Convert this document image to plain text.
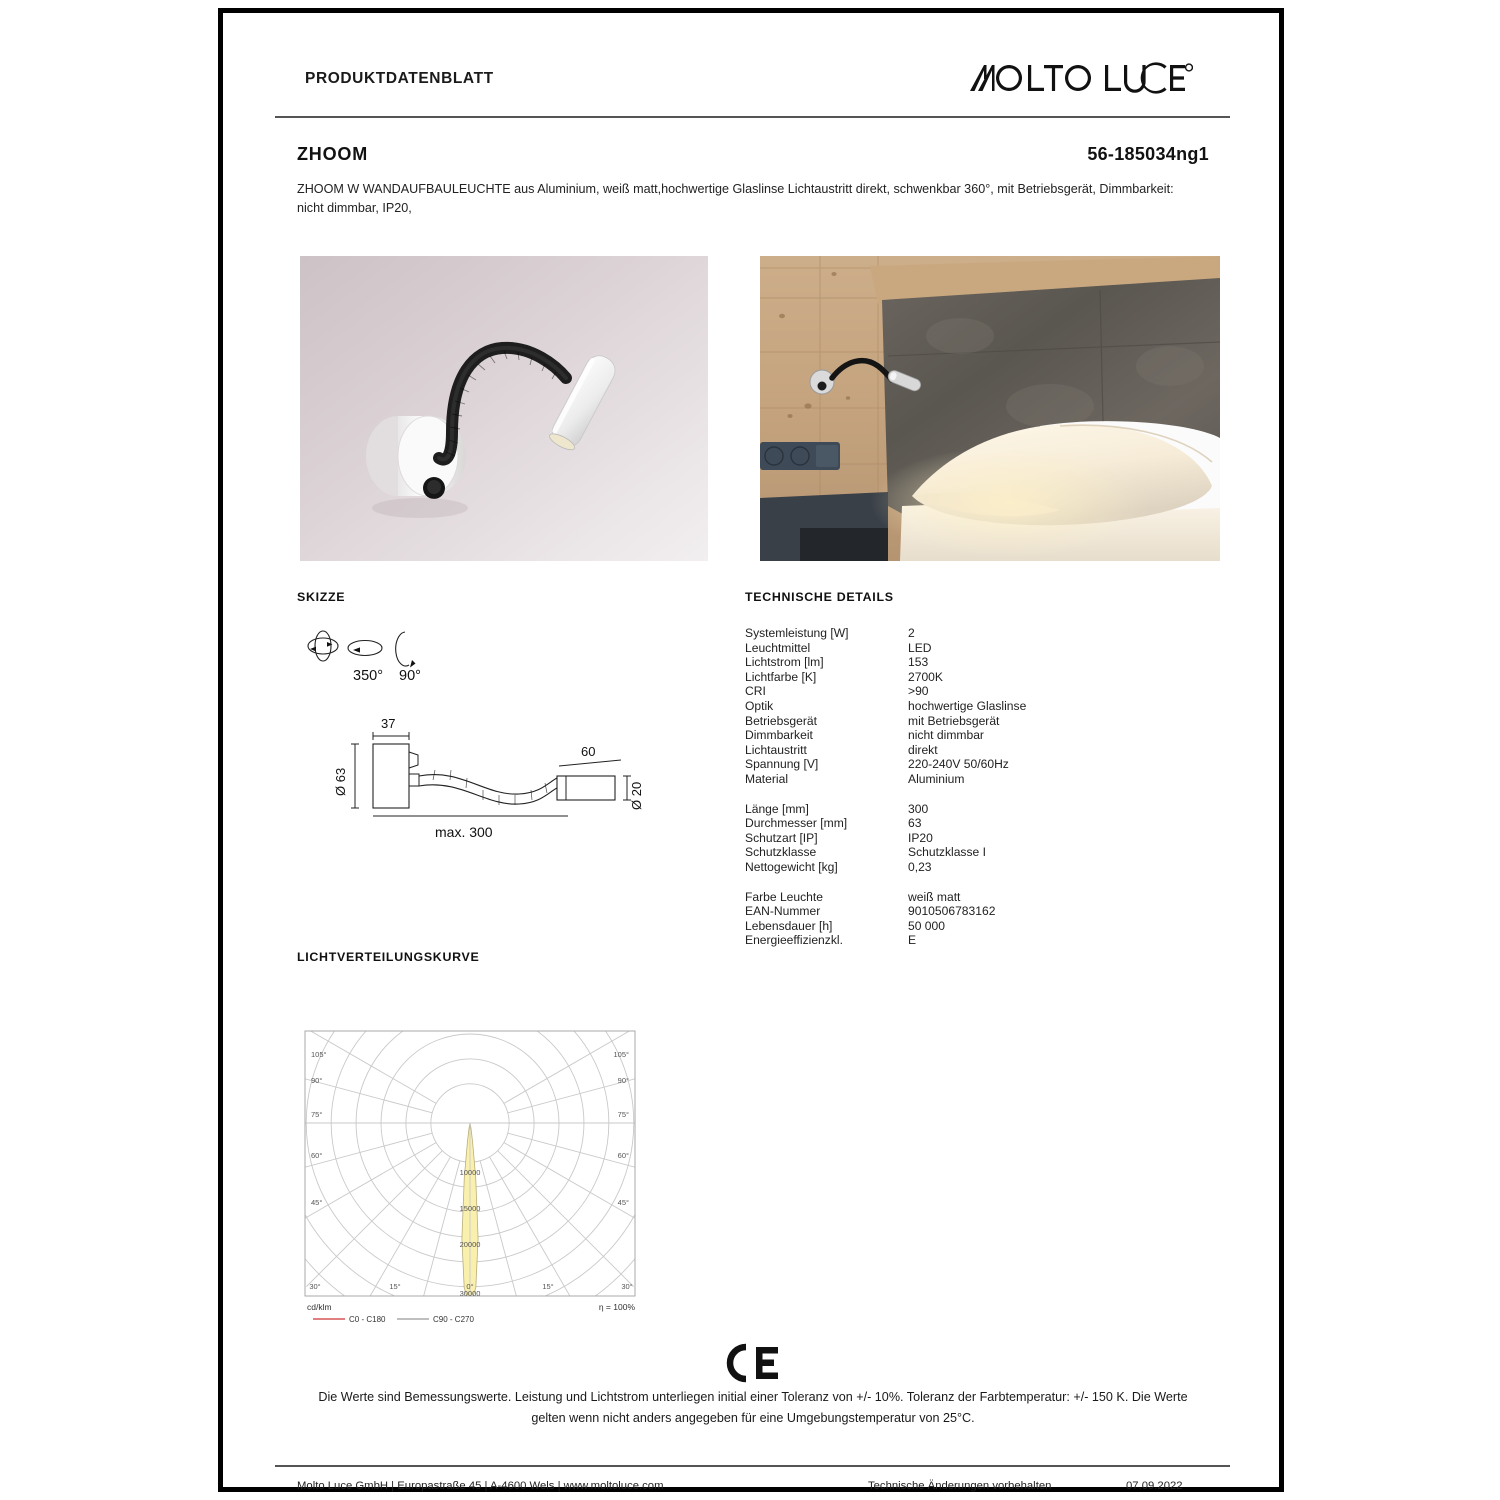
PRODUKTDATENBLATT
ZHOOM	56-185034ng1
ZHOOM W WANDAUFBAULEUCHTE aus Aluminium, weiß matt,hochwertige Glaslinse Lichtaustritt direkt, schwenkbar 360°, mit Betriebsgerät, Dimmbarkeit: nicht dimmbar, IP20,
SKIZZE	TECHNISCHE DETAILS
LICHTVERTEILUNGSKURVE
350° 90°
37
Ø 63
60
Ø 20
max. 300
Systemleistung [W]	2
Leuchtmittel	LED
Lichtstrom [lm]	153
Lichtfarbe [K]	2700K
CRI	>90
Optik	hochwertige Glaslinse
Betriebsgerät	mit Betriebsgerät
Dimmbarkeit	nicht dimmbar
Lichtaustritt	direkt
Spannung [V]	220-240V 50/60Hz
Material	Aluminium
Länge [mm]	300
Durchmesser [mm]	63
Schutzart [IP]	IP20
Schutzklasse	Schutzklasse I
Nettogewicht [kg]	0,23
Farbe Leuchte	weiß matt
EAN-Nummer	9010506783162
Lebensdauer [h]	50 000
Energieeffizienzkl.	E
105°
90°
75°
60°
45°
105°
90°
75°
60°
45°
30°	15°	0°	15°	30°
10000
15000
20000
30000
cd/klm	η = 100%
C0 - C180	C90 - C270
Die Werte sind Bemessungswerte. Leistung und Lichtstrom unterliegen initial einer Toleranz von +/- 10%. Toleranz der Farbtemperatur: +/- 150 K. Die Werte gelten wenn nicht anders angegeben für eine Umgebungstemperatur von 25°C.
Molto Luce GmbH | Europastraße 45 | A-4600 Wels | www.moltoluce.com	Technische Änderungen vorbehalten	07.09.2022
